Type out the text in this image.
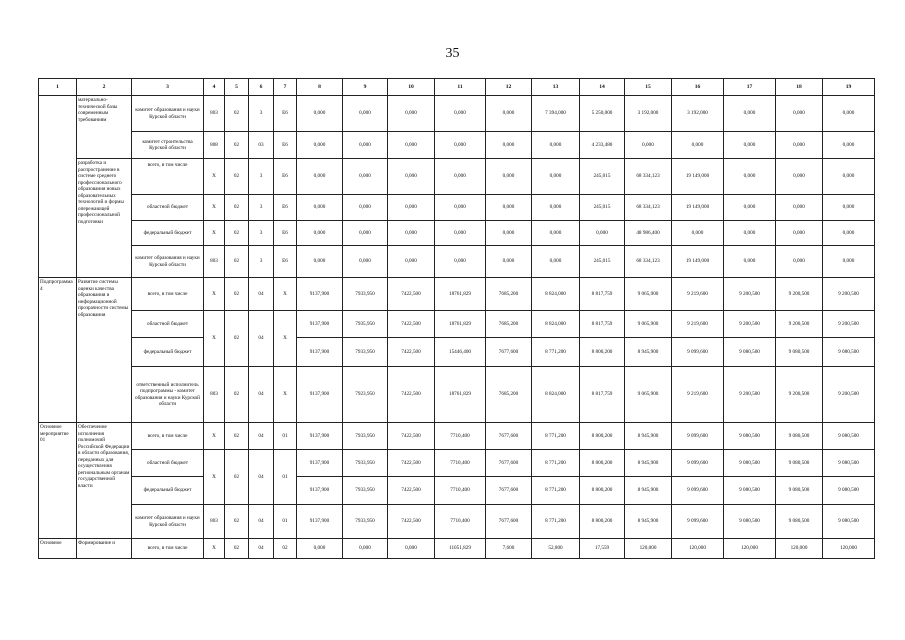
35
1	2	3	4	5	6	7	8	9	10	11	12	13	14	15	16	17	18	19
	материально-технической базы современным требованиям	комитет образования и науки Курской области	803	02	3	Е6	0,000	0,000	0,000	0,000	0,000	7 394,000	5 250,000	3 192,000	3 192,000	0,000	0,000	0,000
		комитет строительства Курской области	808	02	03	Е6	0,000	0,000	0,000	0,000	0,000	0,000	4 233,480	0,000	0,000	0,000	0,000	0,000
	разработка и распространение в системе среднего профессионального образования новых образовательных технологий и формы опережающей профессиональной подготовки	всего, в том числе	Х	02	3	Е6	0,000	0,000	0,000	0,000	0,000	0,000	245,015	68 334,123	19 149,000	0,000	0,000	0,000
		областной бюджет	Х	02	3	Е6	0,000	0,000	0,000	0,000	0,000	0,000	245,015	68 334,123	19 149,000	0,000	0,000	0,000
		федеральный бюджет	Х	02	3	Е6	0,000	0,000	0,000	0,000	0,000	0,000	0,000	48 986,400	0,000	0,000	0,000	0,000
		комитет образования и науки Курской области	803	02	3	Е6	0,000	0,000	0,000	0,000	0,000	0,000	245,015	68 334,123	19 149,000	0,000	0,000	0,000
Подпрограмма 4	Развитие системы оценки качества образования и информационной прозрачности системы образования	всего, в том числе	Х	02	04	Х	9137,900	7933,950	7422,500	18761,829	7685,200	8 824,000	8 817,759	9 065,900	9 219,600	9 200,500	9 200,500	9 200,500
		областной бюджет	Х	02	04	Х	9137,900	7935,950	7422,500	18761,829	7685,200	8 824,000	8 817,759	9 065,900	9 219,600	9 200,500	9 200,500	9 200,500
		федеральный бюджет					9137,900	7933,950	7422,500	15446,400	7677,600	8 771,200	8 800,200	8 945,900	9 099,600	9 080,500	9 080,500	9 080,500
		ответственный исполнитель подпрограммы - комитет образования и науки Курской области	803	02	04	Х	9137,900	7923,950	7422,500	18761,829	7685,200	8 824,000	8 817,759	9 065,900	9 219,600	9 200,500	9 200,500	9 200,500
Основное мероприятие 01	Обеспечение исполнения полномочий Российской Федерации в области образования, переданных для осуществления региональным органам государственной власти	всего, в том числе	Х	02	04	01	9137,900	7933,950	7422,500	7710,400	7677,600	8 771,200	8 800,200	8 945,900	9 099,600	9 080,500	9 080,500	9 080,500
		областной бюджет	Х	02	04	01	9137,900	7933,950	7422,500	7710,400	7677,600	8 771,200	8 800,200	8 945,900	9 099,600	9 080,500	9 080,500	9 080,500
		федеральный бюджет					9137,900	7933,950	7422,500	7710,400	7677,600	8 771,200	8 800,200	8 945,900	9 099,600	9 080,500	9 080,500	9 080,500
		комитет образования и науки Курской области	803	02	04	01	9137,900	7933,950	7422,500	7710,400	7677,600	8 771,200	8 800,200	8 945,900	9 099,600	9 080,500	9 080,500	9 080,500
Основное	Формирование и	всего, в том числе	Х	02	04	02	0,000	0,000	0,000	11051,829	7,600	52,800	17,559	120,000	120,000	120,000	120,000	120,000
